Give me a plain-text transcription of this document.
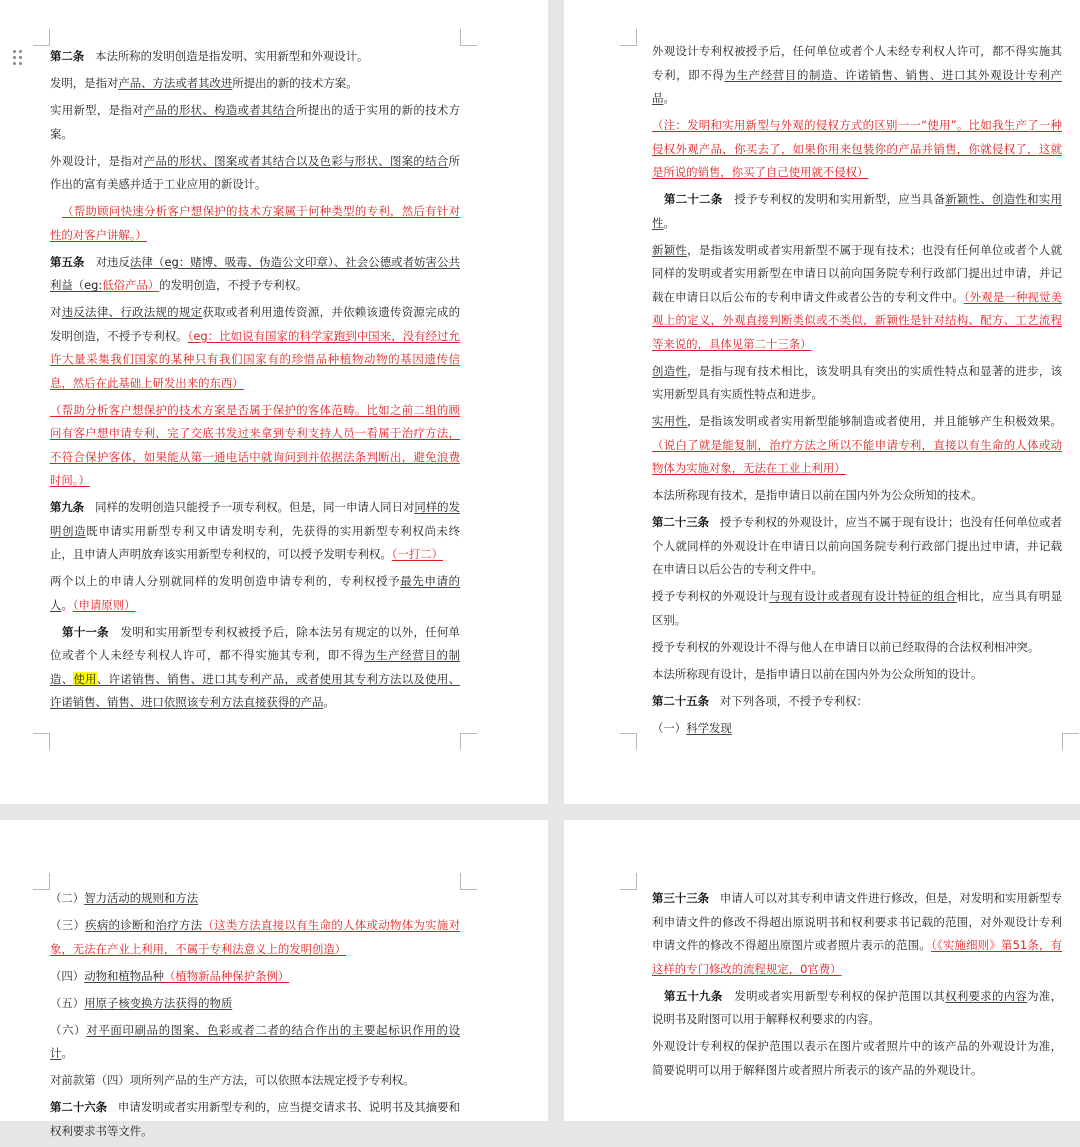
第二条 本法所称的发明创造是指发明、实用新型和外观设计。

发明，是指对产品、方法或者其改进所提出的新的技术方案。

实用新型，是指对产品的形状、构造或者其结合所提出的适于实用的新的技术方案。

外观设计，是指对产品的形状、图案或者其结合以及色彩与形状、图案的结合所作出的富有美感并适于工业应用的新设计。

（帮助顾问快速分析客户想保护的技术方案属于何种类型的专利，然后有针对性的对客户讲解。）

第五条 对违反法律（eg：赌博、吸毒、伪造公文印章）、社会公德或者妨害公共利益（eg:低俗产品）的发明创造，不授予专利权。

对违反法律、行政法规的规定获取或者利用遗传资源，并依赖该遗传资源完成的发明创造，不授予专利权。（eg：比如说有国家的科学家跑到中国来，没有经过允许大量采集我们国家的某种只有我们国家有的珍惜品种植物动物的基因遗传信息，然后在此基础上研发出来的东西）

（帮助分析客户想保护的技术方案是否属于保护的客体范畴。比如之前二组的顾问有客户想申请专利，完了交底书发过来拿到专利支持人员一看属于治疗方法，不符合保护客体，如果能从第一通电话中就询问到并依据法条判断出，避免浪费时间。）

第九条 同样的发明创造只能授予一项专利权。但是，同一申请人同日对同样的发明创造既申请实用新型专利又申请发明专利，先获得的实用新型专利权尚未终止，且申请人声明放弃该实用新型专利权的，可以授予发明专利权。（一打二）

两个以上的申请人分别就同样的发明创造申请专利的，专利权授予最先申请的人。（申请原则）

第十一条 发明和实用新型专利权被授予后，除本法另有规定的以外，任何单位或者个人未经专利权人许可，都不得实施其专利，即不得为生产经营目的制造、使用、许诺销售、销售、进口其专利产品，或者使用其专利方法以及使用、许诺销售、销售、进口依照该专利方法直接获得的产品。

外观设计专利权被授予后，任何单位或者个人未经专利权人许可，都不得实施其专利，即不得为生产经营目的制造、许诺销售、销售、进口其外观设计专利产品。

（注：发明和实用新型与外观的侵权方式的区别一一“使用”。比如我生产了一种侵权外观产品，你买去了，如果你用来包装你的产品并销售，你就侵权了，这就是所说的销售，你买了自己使用就不侵权）

第二十二条 授予专利权的发明和实用新型，应当具备新颖性、创造性和实用性。

新颖性，是指该发明或者实用新型不属于现有技术；也没有任何单位或者个人就同样的发明或者实用新型在申请日以前向国务院专利行政部门提出过申请，并记载在申请日以后公布的专利申请文件或者公告的专利文件中。（外观是一种视觉美观上的定义，外观直接判断类似或不类似，新颖性是针对结构、配方、工艺流程等来说的，具体见第二十三条）

创造性，是指与现有技术相比，该发明具有突出的实质性特点和显著的进步，该实用新型具有实质性特点和进步。

实用性，是指该发明或者实用新型能够制造或者使用，并且能够产生积极效果。（说白了就是能复制，治疗方法之所以不能申请专利，直接以有生命的人体或动物体为实施对象，无法在工业上利用）

本法所称现有技术，是指申请日以前在国内外为公众所知的技术。

第二十三条 授予专利权的外观设计，应当不属于现有设计；也没有任何单位或者个人就同样的外观设计在申请日以前向国务院专利行政部门提出过申请，并记载在申请日以后公告的专利文件中。

授予专利权的外观设计与现有设计或者现有设计特征的组合相比，应当具有明显区别。

授予专利权的外观设计不得与他人在申请日以前已经取得的合法权利相冲突。

本法所称现有设计，是指申请日以前在国内外为公众所知的设计。

第二十五条 对下列各项，不授予专利权：

（一）科学发现

（二）智力活动的规则和方法

（三）疾病的诊断和治疗方法（这类方法直接以有生命的人体或动物体为实施对象，无法在产业上利用，不属于专利法意义上的发明创造）

（四）动物和植物品种（植物新品种保护条例）

（五）用原子核变换方法获得的物质

（六）对平面印刷品的图案、色彩或者二者的结合作出的主要起标识作用的设计。

对前款第（四）项所列产品的生产方法，可以依照本法规定授予专利权。

第二十六条 申请发明或者实用新型专利的，应当提交请求书、说明书及其摘要和权利要求书等文件。

第三十三条 申请人可以对其专利申请文件进行修改，但是，对发明和实用新型专利申请文件的修改不得超出原说明书和权利要求书记载的范围，对外观设计专利申请文件的修改不得超出原图片或者照片表示的范围。（《实施细则》第51条，有这样的专门修改的流程规定，0官费）

第五十九条 发明或者实用新型专利权的保护范围以其权利要求的内容为准，说明书及附图可以用于解释权利要求的内容。

外观设计专利权的保护范围以表示在图片或者照片中的该产品的外观设计为准，简要说明可以用于解释图片或者照片所表示的该产品的外观设计。
